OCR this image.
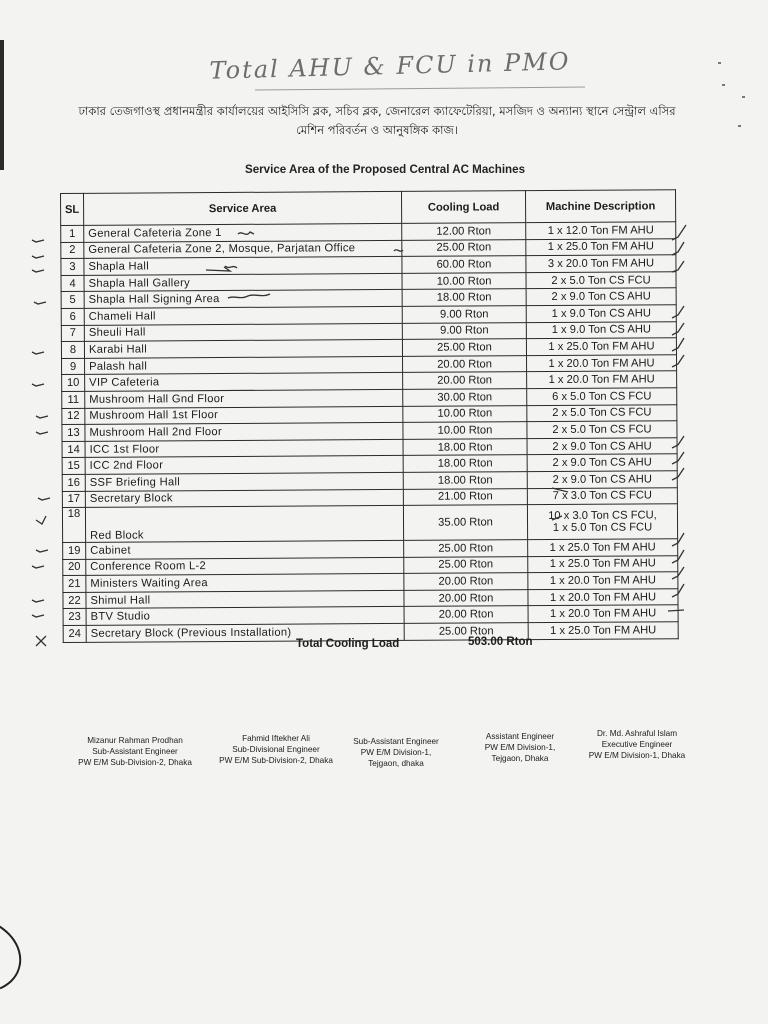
Total AHU & FCU in PMO
ঢাকার তেজগাওস্থ প্রধানমন্ত্রীর কার্যালয়ের আইসিসি ব্লক, সচিব ব্লক, জেনারেল ক্যাফেটেরিয়া, মসজিদ ও অন্যান্য স্থানে সেন্ট্রাল এসির মেশিন পরিবর্তন ও আনুষঙ্গিক কাজ।
Service Area of the Proposed Central AC Machines
SL	Service Area	Cooling Load	Machine Description
1	General Cafeteria Zone 1	12.00 Rton	1 x 12.0 Ton FM AHU

2	General Cafeteria Zone 2, Mosque, Parjatan Office	25.00 Rton	1 x 25.0 Ton FM AHU

3	Shapla Hall	60.00 Rton	3 x 20.0 Ton FM AHU

4	Shapla Hall Gallery	10.00 Rton	2 x 5.0 Ton CS FCU

5	Shapla Hall Signing Area	18.00 Rton	2 x 9.0 Ton CS AHU

6	Chameli Hall	9.00 Rton	1 x 9.0 Ton CS AHU

7	Sheuli Hall	9.00 Rton	1 x 9.0 Ton CS AHU

8	Karabi Hall	25.00 Rton	1 x 25.0 Ton FM AHU

9	Palash hall	20.00 Rton	1 x 20.0 Ton FM AHU

10	VIP Cafeteria	20.00 Rton	1 x 20.0 Ton FM AHU

11	Mushroom Hall Gnd Floor	30.00 Rton	6 x 5.0 Ton CS FCU

12	Mushroom Hall 1st Floor	10.00 Rton	2 x 5.0 Ton CS FCU

13	Mushroom Hall 2nd Floor	10.00 Rton	2 x 5.0 Ton CS FCU

14	ICC 1st Floor	18.00 Rton	2 x 9.0 Ton CS AHU

15	ICC 2nd Floor	18.00 Rton	2 x 9.0 Ton CS AHU

16	SSF Briefing Hall	18.00 Rton	2 x 9.0 Ton CS AHU

17	Secretary Block	21.00 Rton	7 x 3.0 Ton CS FCU

18	Red Block	35.00 Rton	10 x 3.0 Ton CS FCU,
1 x 5.0 Ton CS FCU

19	Cabinet	25.00 Rton	1 x 25.0 Ton FM AHU

20	Conference Room L-2	25.00 Rton	1 x 25.0 Ton FM AHU

21	Ministers Waiting Area	20.00 Rton	1 x 20.0 Ton FM AHU

22	Shimul Hall	20.00 Rton	1 x 20.0 Ton FM AHU

23	BTV Studio	20.00 Rton	1 x 20.0 Ton FM AHU

24	Secretary Block (Previous Installation)	25.00 Rton	1 x 25.0 Ton FM AHU
Total Cooling Load	503.00 Rton
Mizanur Rahman Prodhan
Sub-Assistant Engineer
PW E/M Sub-Division-2, Dhaka
Fahmid Iftekher Ali
Sub-Divisional Engineer
PW E/M Sub-Division-2, Dhaka
Sub-Assistant Engineer
PW E/M Division-1,
Tejgaon, dhaka
Assistant Engineer
PW E/M Division-1,
Tejgaon, Dhaka
Dr. Md. Ashraful Islam
Executive Engineer
PW E/M Division-1, Dhaka
